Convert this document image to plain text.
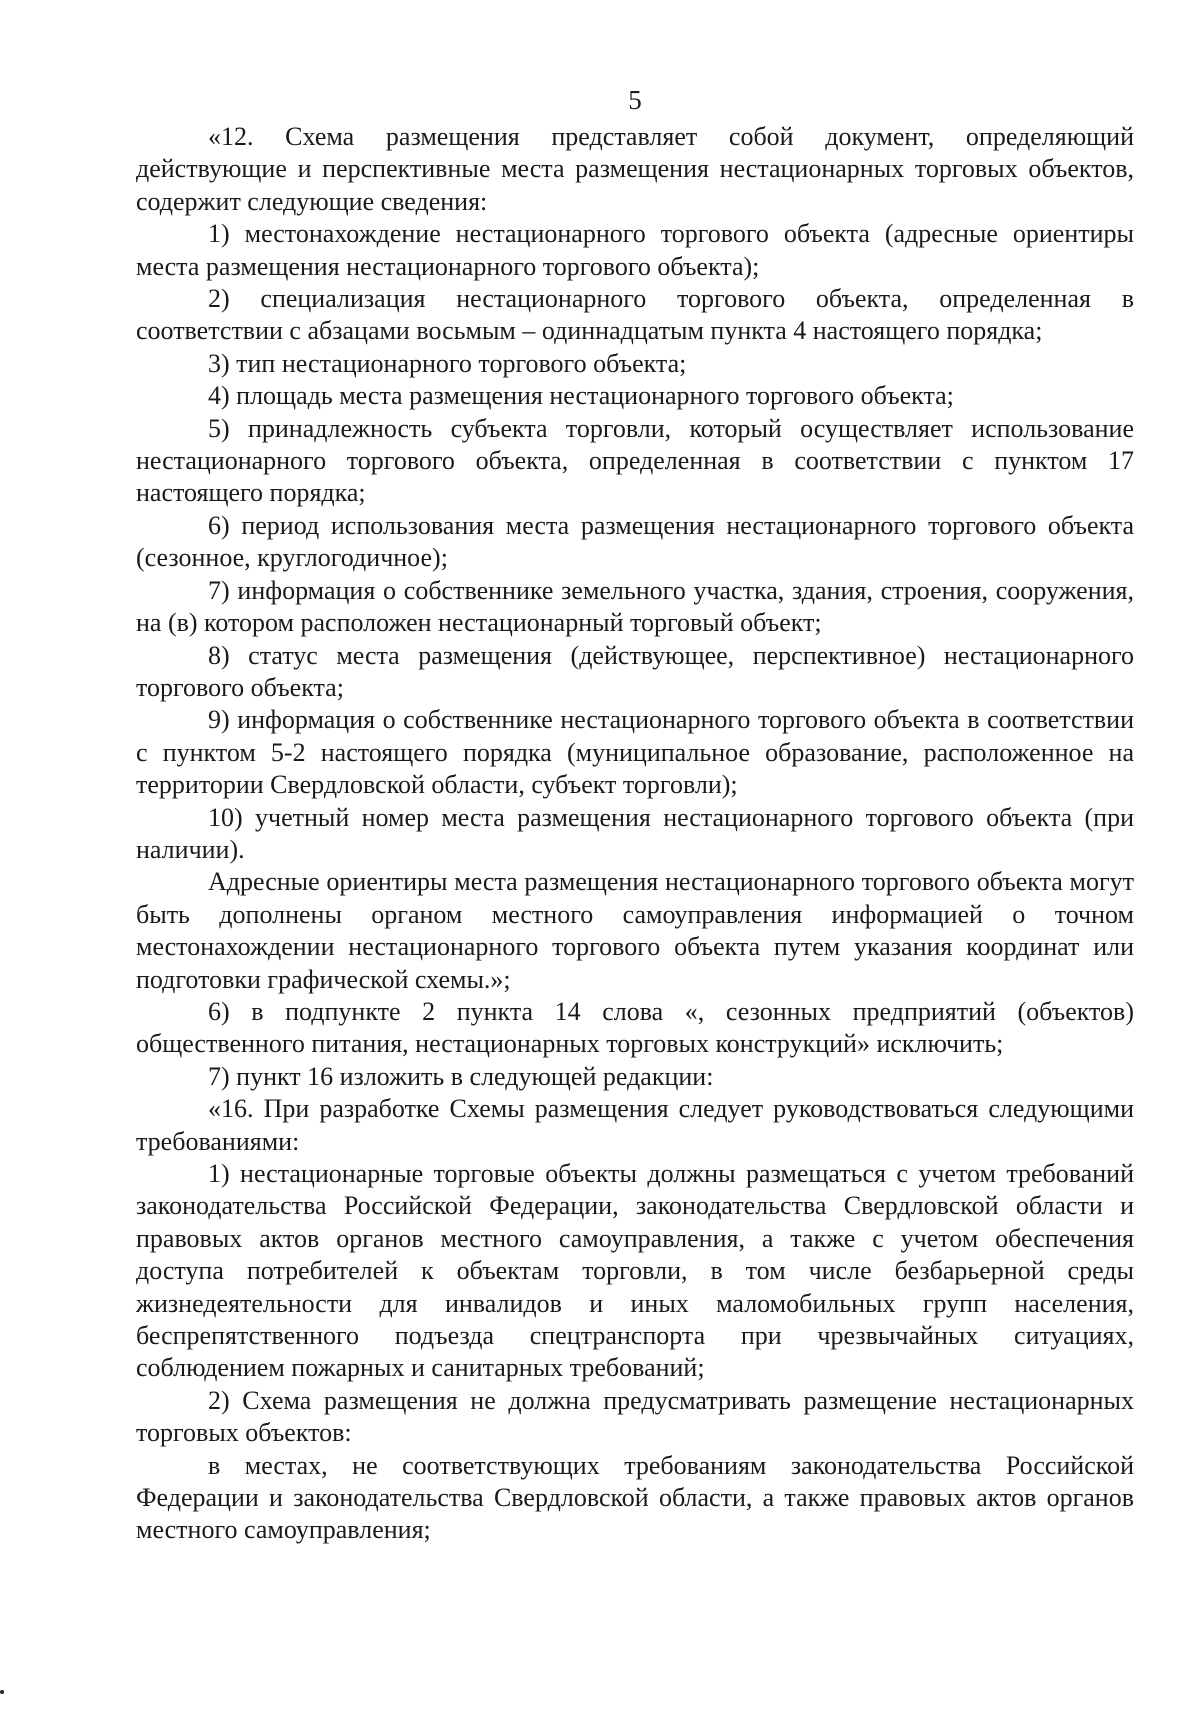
5

«12. Схема размещения представляет собой документ, определяющий действующие и перспективные места размещения нестационарных торговых объектов, содержит следующие сведения:

1) местонахождение нестационарного торгового объекта (адресные ориентиры места размещения нестационарного торгового объекта);

2) специализация нестационарного торгового объекта, определенная в соответствии с абзацами восьмым – одиннадцатым пункта 4 настоящего порядка;

3) тип нестационарного торгового объекта;

4) площадь места размещения нестационарного торгового объекта;

5) принадлежность субъекта торговли, который осуществляет использование нестационарного торгового объекта, определенная в соответствии с пунктом 17 настоящего порядка;

6) период использования места размещения нестационарного торгового объекта (сезонное, круглогодичное);

7) информация о собственнике земельного участка, здания, строения, сооружения, на (в) котором расположен нестационарный торговый объект;

8) статус места размещения (действующее, перспективное) нестационарного торгового объекта;

9) информация о собственнике нестационарного торгового объекта в соответствии с пунктом 5-2 настоящего порядка (муниципальное образование, расположенное на территории Свердловской области, субъект торговли);

10) учетный номер места размещения нестационарного торгового объекта (при наличии).

Адресные ориентиры места размещения нестационарного торгового объекта могут быть дополнены органом местного самоуправления информацией о точном местонахождении нестационарного торгового объекта путем указания координат или подготовки графической схемы.»;

6) в подпункте 2 пункта 14 слова «, сезонных предприятий (объектов) общественного питания, нестационарных торговых конструкций» исключить;

7) пункт 16 изложить в следующей редакции:

«16. При разработке Схемы размещения следует руководствоваться следующими требованиями:

1) нестационарные торговые объекты должны размещаться с учетом требований законодательства Российской Федерации, законодательства Свердловской области и правовых актов органов местного самоуправления, а также с учетом обеспечения доступа потребителей к объектам торговли, в том числе безбарьерной среды жизнедеятельности для инвалидов и иных маломобильных групп населения, беспрепятственного подъезда спецтранспорта при чрезвычайных ситуациях, соблюдением пожарных и санитарных требований;

2) Схема размещения не должна предусматривать размещение нестационарных торговых объектов:

в местах, не соответствующих требованиям законодательства Российской Федерации и законодательства Свердловской области, а также правовых актов органов местного самоуправления;
